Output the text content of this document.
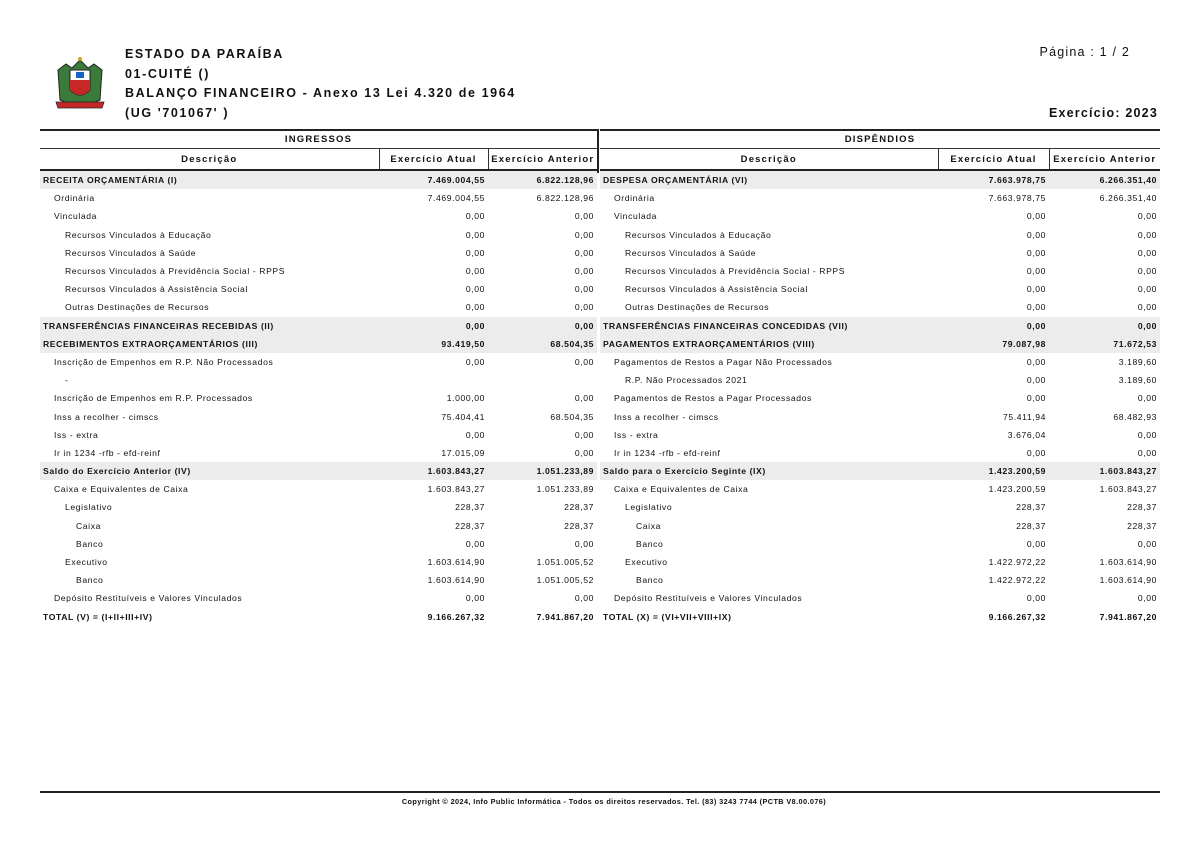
ESTADO DA PARAÍBA
01-CUITÉ ()
BALANÇO FINANCEIRO - Anexo 13 Lei 4.320 de 1964
(UG '701067' )
Página : 1 / 2
Exercício: 2023
INGRESSOS		
Descrição	Exercício Atual	Exercício Anterior
RECEITA ORÇAMENTÁRIA (I)	7.469.004,55	6.822.128,96
Ordinária	7.469.004,55	6.822.128,96
Vinculada	0,00	0,00
Recursos Vinculados à Educação	0,00	0,00
Recursos Vinculados à Saúde	0,00	0,00
Recursos Vinculados à Previdência Social - RPPS	0,00	0,00
Recursos Vinculados à Assistência Social	0,00	0,00
Outras Destinações de Recursos	0,00	0,00
TRANSFERÊNCIAS FINANCEIRAS RECEBIDAS (II)	0,00	0,00
RECEBIMENTOS EXTRAORÇAMENTÁRIOS (III)	93.419,50	68.504,35
Inscrição de Empenhos em R.P. Não Processados	0,00	0,00
-		
Inscrição de Empenhos em R.P. Processados	1.000,00	0,00
Inss a recolher - cimscs	75.404,41	68.504,35
Iss - extra	0,00	0,00
Ir in 1234 -rfb - efd-reinf	17.015,09	0,00
Saldo do Exercício Anterior (IV)	1.603.843,27	1.051.233,89
Caixa e Equivalentes de Caixa	1.603.843,27	1.051.233,89
Legislativo	228,37	228,37
Caixa	228,37	228,37
Banco	0,00	0,00
Executivo	1.603.614,90	1.051.005,52
Banco	1.603.614,90	1.051.005,52
Depósito Restituíveis e Valores Vinculados	0,00	0,00
TOTAL (V) = (I+II+III+IV)	9.166.267,32	7.941.867,20
DISPÊNDIOS		
Descrição	Exercício Atual	Exercício Anterior
DESPESA ORÇAMENTÁRIA (VI)	7.663.978,75	6.266.351,40
Ordinária	7.663.978,75	6.266.351,40
Vinculada	0,00	0,00
Recursos Vinculados à Educação	0,00	0,00
Recursos Vinculados à Saúde	0,00	0,00
Recursos Vinculados à Previdência Social - RPPS	0,00	0,00
Recursos Vinculados à Assistência Social	0,00	0,00
Outras Destinações de Recursos	0,00	0,00
TRANSFERÊNCIAS FINANCEIRAS CONCEDIDAS (VII)	0,00	0,00
PAGAMENTOS EXTRAORÇAMENTÁRIOS (VIII)	79.087,98	71.672,53
Pagamentos de Restos a Pagar Não Processados	0,00	3.189,60
R.P. Não Processados 2021	0,00	3.189,60
Pagamentos de Restos a Pagar Processados	0,00	0,00
Inss a recolher - cimscs	75.411,94	68.482,93
Iss - extra	3.676,04	0,00
Ir in 1234 -rfb - efd-reinf	0,00	0,00
Saldo para o Exercício Seginte (IX)	1.423.200,59	1.603.843,27
Caixa e Equivalentes de Caixa	1.423.200,59	1.603.843,27
Legislativo	228,37	228,37
Caixa	228,37	228,37
Banco	0,00	0,00
Executivo	1.422.972,22	1.603.614,90
Banco	1.422.972,22	1.603.614,90
Depósito Restituíveis e Valores Vinculados	0,00	0,00
TOTAL (X) = (VI+VII+VIII+IX)	9.166.267,32	7.941.867,20
Copyright © 2024, Info Public Informática - Todos os direitos reservados. Tel. (83) 3243 7744 (PCTB V8.00.076)
